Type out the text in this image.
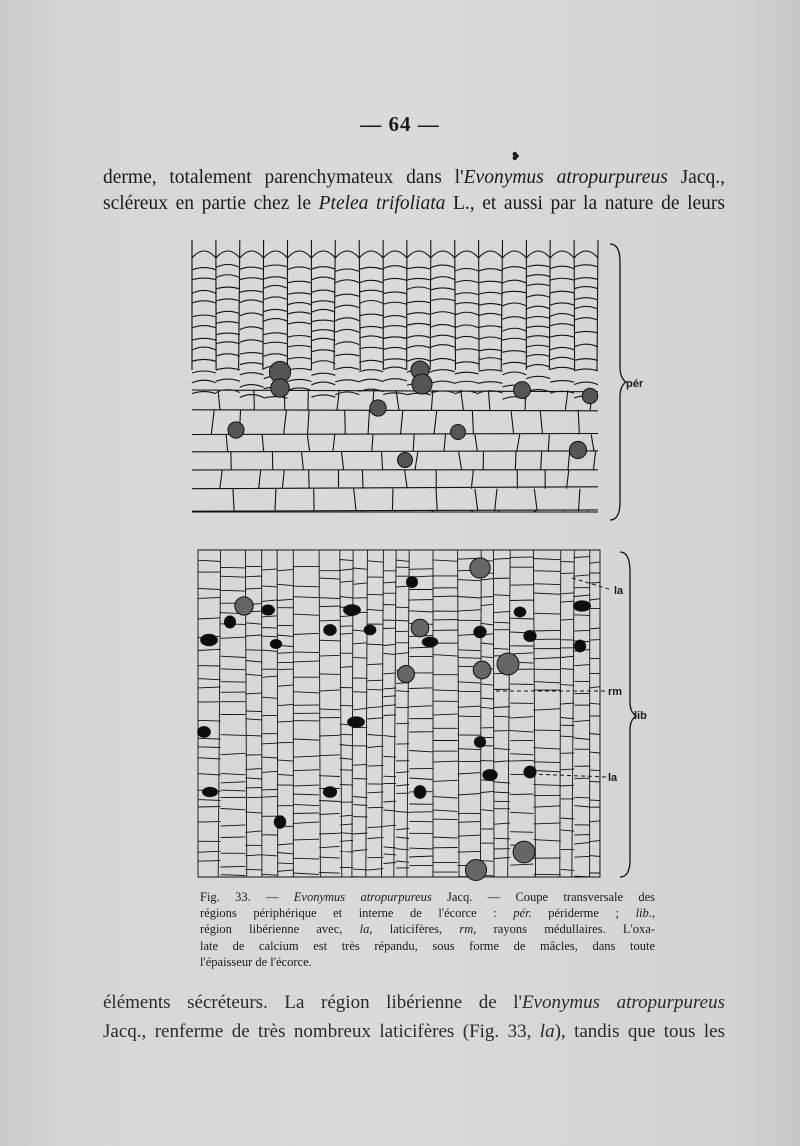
— 64 —
❥
derme, totalement parenchymateux dans l'Evonymus atropurpureus Jacq.,
scléreux en partie chez le Ptelea trifoliata L., et aussi par la nature de leurs
pér
la
rm
lib
la
Fig. 33. — Evonymus atropurpureus Jacq. — Coupe transversale des
régions périphérique et interne de l'écorce : pér. périderme ; lib.,
région libérienne avec, la, laticifères, rm, rayons médullaires. L'oxa-
late de calcium est très répandu, sous forme de mâcles, dans toute
l'épaisseur de l'écorce.
éléments sécréteurs. La région libérienne de l'Evonymus atropurpureus
Jacq., renferme de très nombreux laticifères (Fig. 33, la), tandis que tous les
